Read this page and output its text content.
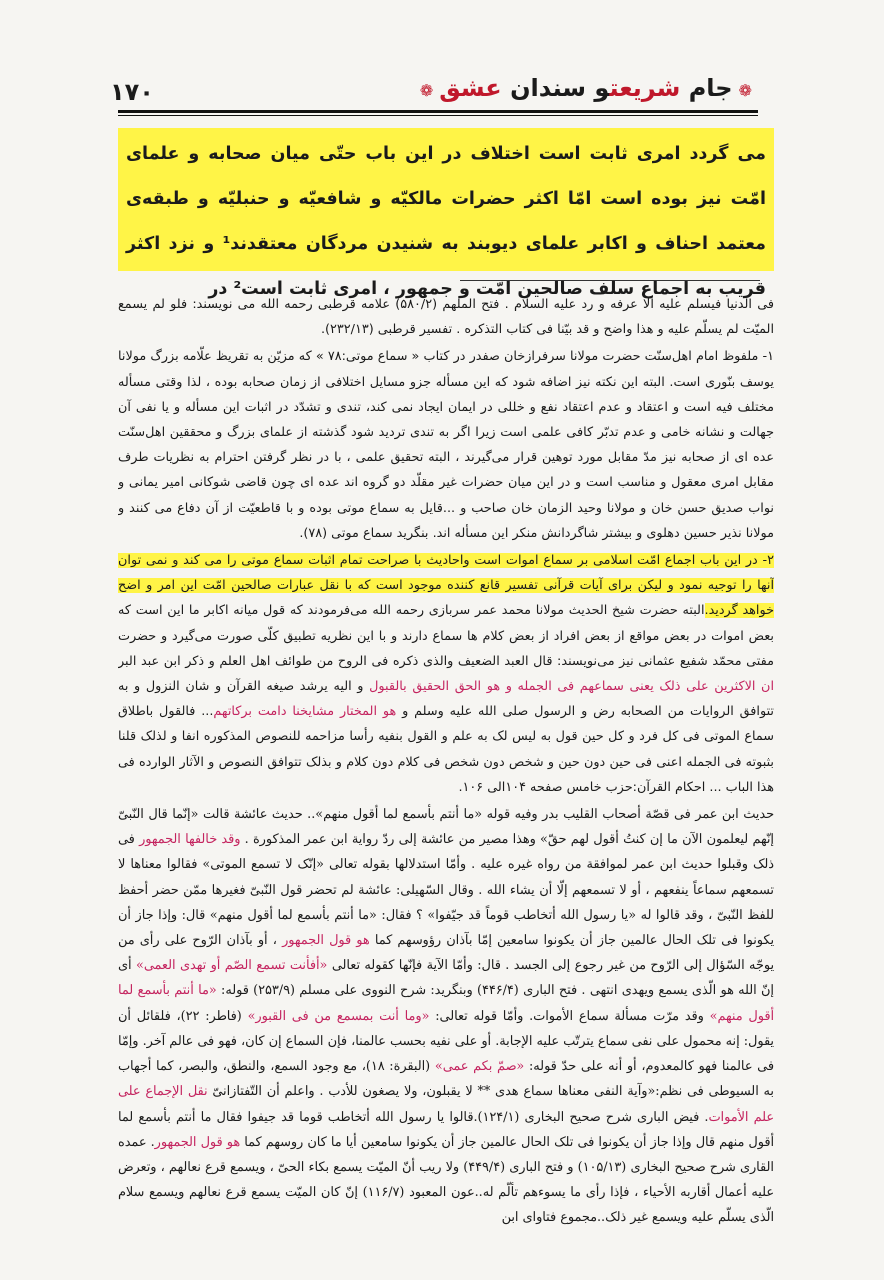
۱۷۰	❁جام شریعتو سندان عشق❁
می گردد امری ثابت است اختلاف در این باب حتّی میان صحابه و علمای امّت نیز بوده است امّا اکثر حضرات مالکیّه و شافعیّه و حنبلیّه و طبقه‌ی معتمد احناف و اکابر علمای دیوبند به شنیدن مردگان معتقدند¹ و نزد اکثر قریب به اجماع سلف صالحین امّت و جمهور ، امری ثابت است² در

فی الدنیا فیسلم علیه الا عرفه و رد علیه السلام . فتح الملهم (۵۸۰/۲) علامه قرطبی رحمه الله می نویسند: فلو لم یسمع المیّت لم یسلّم علیه و هذا واضح و قد بیّنا فی کتاب التذکره . تفسیر قرطبی (۲۳۲/۱۳).

۱- ملفوظ امام اهل‌سنّت حضرت مولانا سرفرازخان صفدر در کتاب « سماع موتی:۷۸ » که مزیّن به تقریظ علّامه بزرگ مولانا یوسف بنّوری است. البته این نکته نیز اضافه شود که این مسأله جزو مسایل اختلافی از زمان صحابه بوده ، لذا وقتی مسأله مختلف فیه است و اعتقاد و عدم اعتقاد نفع و خللی در ایمان ایجاد نمی کند، تندی و تشدّد در اثبات این مسأله و یا نفی آن جهالت و نشانه خامی و عدم تدبّر کافی علمی است زیرا اگر به تندی تردید شود گذشته از علمای بزرگ و محققین اهل‌سنّت عده ای از صحابه نیز مدّ مقابل مورد توهین قرار می‌گیرند ، البته تحقیق علمی ، با در نظر گرفتن احترام به نظریات طرف مقابل امری معقول و مناسب است و در این میان حضرات غیر مقلّد دو گروه اند عده ای چون قاضی شوکانی امیر یمانی و نواب صدیق حسن خان و مولانا وحید الزمان خان صاحب و ...قایل به سماع موتی بوده و با قاطعیّت از آن دفاع می کنند و مولانا نذیر حسین دهلوی و بیشتر شاگردانش منکر این مسأله اند. بنگرید سماع موتی (۷۸).

۲- در این باب اجماع امّت اسلامی بر سماع اموات است واحادیث با صراحت تمام اثبات سماع موتی را می کند و نمی توان آنها را توجیه نمود و لیکن برای آیات قرآنی تفسیر قانع کننده موجود است که با نقل عبارات صالحین امّت این امر و اضح خواهد گردید.البته حضرت شیخ الحدیث مولانا محمد عمر سربازی رحمه الله می‌فرمودند که قول میانه اکابر ما این است که بعض اموات در بعض مواقع از بعض افراد از بعض کلام ها سماع دارند و با این نظریه تطبیق کلّی صورت می‌گیرد و حضرت مفتی محمّد شفیع عثمانی نیز می‌نویسند: قال العبد الضعیف والذی ذکره فی الروح من طوائف اهل العلم و ذکر ابن عبد البر ان الاکثرین علی ذلک یعنی سماعهم فی الجمله و هو الحق الحقیق بالقبول و الیه یرشد صیغه القرآن و شان النزول و به تتوافق الروایات من الصحابه رض و الرسول صلی الله علیه وسلم و هو المختار مشایخنا دامت برکاتهم... فالقول باطلاق سماع الموتی فی کل فرد و کل حین قول به لیس لک به علم و القول بنفیه رأسا مزاحمه للنصوص المذکوره انفا و لذلک قلنا بثبوته فی الجمله اعنی فی حین دون حین و شخص دون شخص فی کلام دون کلام و بذلک تتوافق النصوص و الآثار الوارده فی هذا الباب ... احکام القرآن:حزب خامس صفحه ۱۰۴الی ۱۰۶.

حدیث ابن عمر فی قصّة أصحاب القلیب بدر وفیه قوله «ما أنتم بأسمع لما أقول منهم».. حدیث عائشة قالت «إنّما قال النّبیّ إنّهم لیعلمون الآن ما إن کنتُ أقول لهم حقّ» وهذا مصیر من عائشة إلی ردّ روایة ابن عمر المذکورة . وقد خالفها الجمهور فی ذلک وقبلوا حدیث ابن عمر لموافقة من رواه غیره علیه . وأمّا استدلالها بقوله تعالی «إنّک لا تسمع الموتی» فقالوا معناها لا تسمعهم سماعاً ینفعهم ، أو لا تسمعهم إلّا أن یشاء الله . وقال السّهیلی: عائشة لم تحضر قول النّبیّ فغیرها ممّن حضر أحفظ للفظ النّبیّ ، وقد قالوا له «یا رسول الله أتخاطب قوماً قد جیّفوا» ؟ فقال: «ما أنتم بأسمع لما أقول منهم» قال: وإذا جاز أن یکونوا فی تلک الحال عالمین جاز أن یکونوا سامعین إمّا بآذان رؤوسهم کما هو قول الجمهور ، أو بآذان الرّوح علی رأی من یوجّه السّؤال إلی الرّوح من غیر رجوع إلی الجسد . قال: وأمّا الآیة فإنّها کقوله تعالی «أفأنت تسمع الصّم أو تهدی العمی» أی إنّ الله هو الّذی یسمع ویهدی انتهی . فتح الباری (۴۴۶/۴) وبنگرید: شرح النووی علی مسلم (۲۵۳/۹) قوله: «ما أنتم بأسمع لما أقول منهم» وقد مرّت مسألة سماع الأموات. وأمّا قوله تعالی: «وما أنت بمسمع من فی القبور» (فاطر: ۲۲)، فلقائل أن یقول: إنه محمول علی نفی سماع یترتّب علیه الإجابة. أو علی نفیه بحسب عالمنا، فإن السماع إن کان، فهو فی عالم آخر. وإمّا فی عالمنا فهو کالمعدوم، أو أنه علی حدّ قوله: «صمّ بکم عمی» (البقرة: ۱۸)، مع وجود السمع، والنطق، والبصر، کما أجهاب به السیوطی فی نظم:«وآیة النفی معناها سماع هدی ** لا یقبلون، ولا یصغون للأدب . واعلم أن التّفتازانیّ نقل الإجماع علی علم الأموات. فیض الباری شرح صحیح البخاری (۱۲۴/۱).قالوا یا رسول الله أتخاطب قوما قد جیفوا فقال ما أنتم بأسمع لما أقول منهم قال وإذا جاز أن یکونوا فی تلک الحال عالمین جاز أن یکونوا سامعین أیا ما کان روسهم کما هو قول الجمهور. عمده القاری شرح صحیح البخاری (۱۰۵/۱۳) و فتح الباری (۴۴۹/۴) ولا ریب أنّ المیّت یسمع بکاء الحیّ ، ویسمع قرع نعالهم ، وتعرض علیه أعمال أقاربه الأحیاء ، فإذا رأی ما یسوءهم تألّم له..عون المعبود (۱۱۶/۷) إنّ کان المیّت یسمع قرع نعالهم ویسمع سلام الّذی یسلّم علیه ویسمع غیر ذلک..مجموع فتاوای ابن
